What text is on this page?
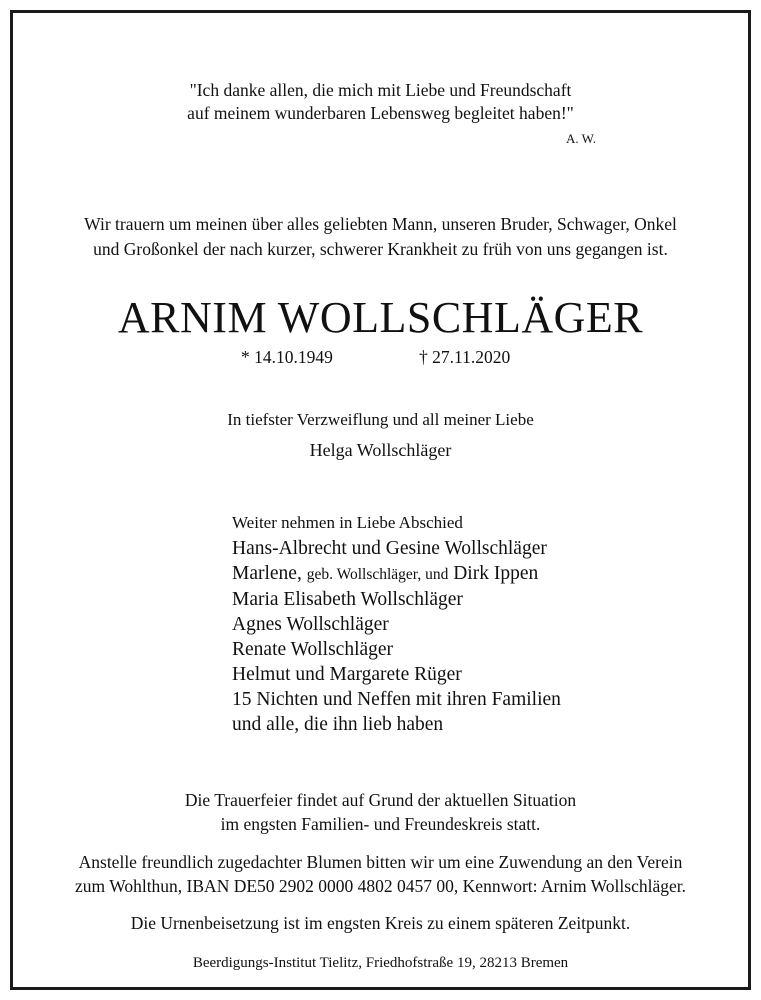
"Ich danke allen, die mich mit Liebe und Freundschaft
auf meinem wunderbaren Lebensweg begleitet haben!"
A. W.
Wir trauern um meinen über alles geliebten Mann, unseren Bruder, Schwager, Onkel
und Großonkel der nach kurzer, schwerer Krankheit zu früh von uns gegangen ist.
ARNIM WOLLSCHLÄGER
* 14.10.1949	† 27.11.2020
In tiefster Verzweiflung und all meiner Liebe
Helga Wollschläger
Weiter nehmen in Liebe Abschied
Hans-Albrecht und Gesine Wollschläger
Marlene, geb. Wollschläger, und Dirk Ippen
Maria Elisabeth Wollschläger
Agnes Wollschläger
Renate Wollschläger
Helmut und Margarete Rüger
15 Nichten und Neffen mit ihren Familien
und alle, die ihn lieb haben
Die Trauerfeier findet auf Grund der aktuellen Situation
im engsten Familien- und Freundeskreis statt.
Anstelle freundlich zugedachter Blumen bitten wir um eine Zuwendung an den Verein
zum Wohlthun, IBAN DE50 2902 0000 4802 0457 00, Kennwort: Arnim Wollschläger.
Die Urnenbeisetzung ist im engsten Kreis zu einem späteren Zeitpunkt.
Beerdigungs-Institut Tielitz, Friedhofstraße 19, 28213 Bremen
